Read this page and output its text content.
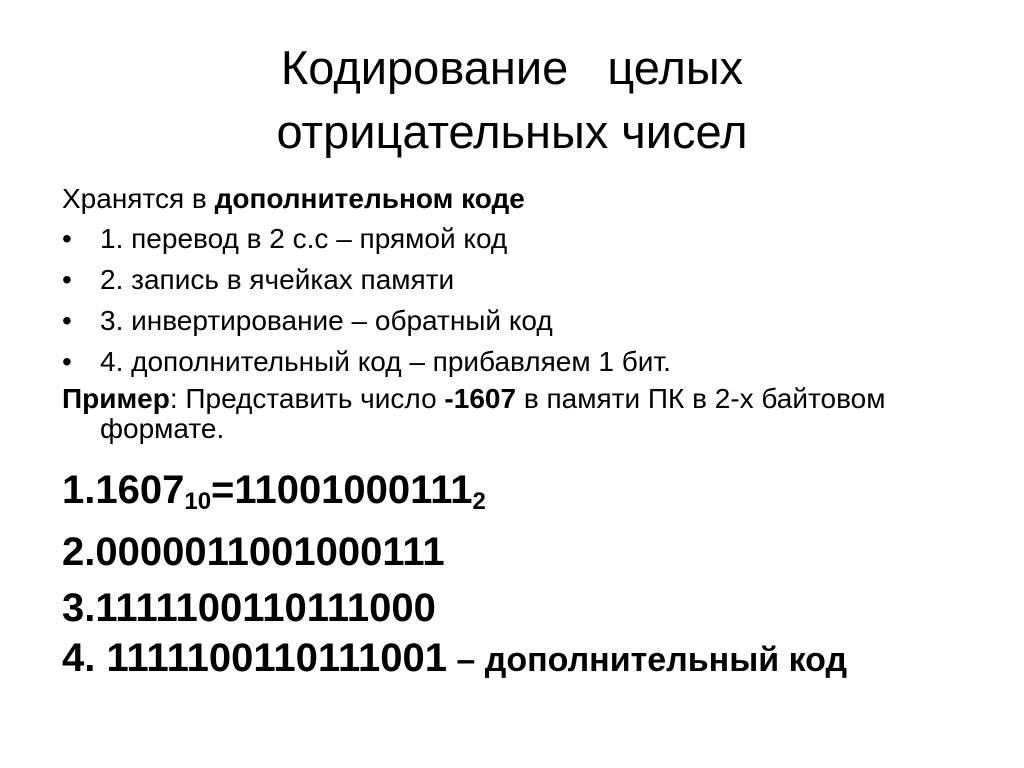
Кодирование   целых
отрицательных чисел

Хранятся в дополнительном коде

• 1. перевод в 2 с.с – прямой код
• 2. запись в ячейках памяти
• 3. инвертирование – обратный код
• 4. дополнительный код – прибавляем 1 бит.
Пример: Представить число -1607 в памяти ПК в 2-х байтовом формате.
$1.1607_{10}=11001000111_2$
2.0000011001000111
3.1111100110111000
4. 1111100110111001 – дополнительный код
